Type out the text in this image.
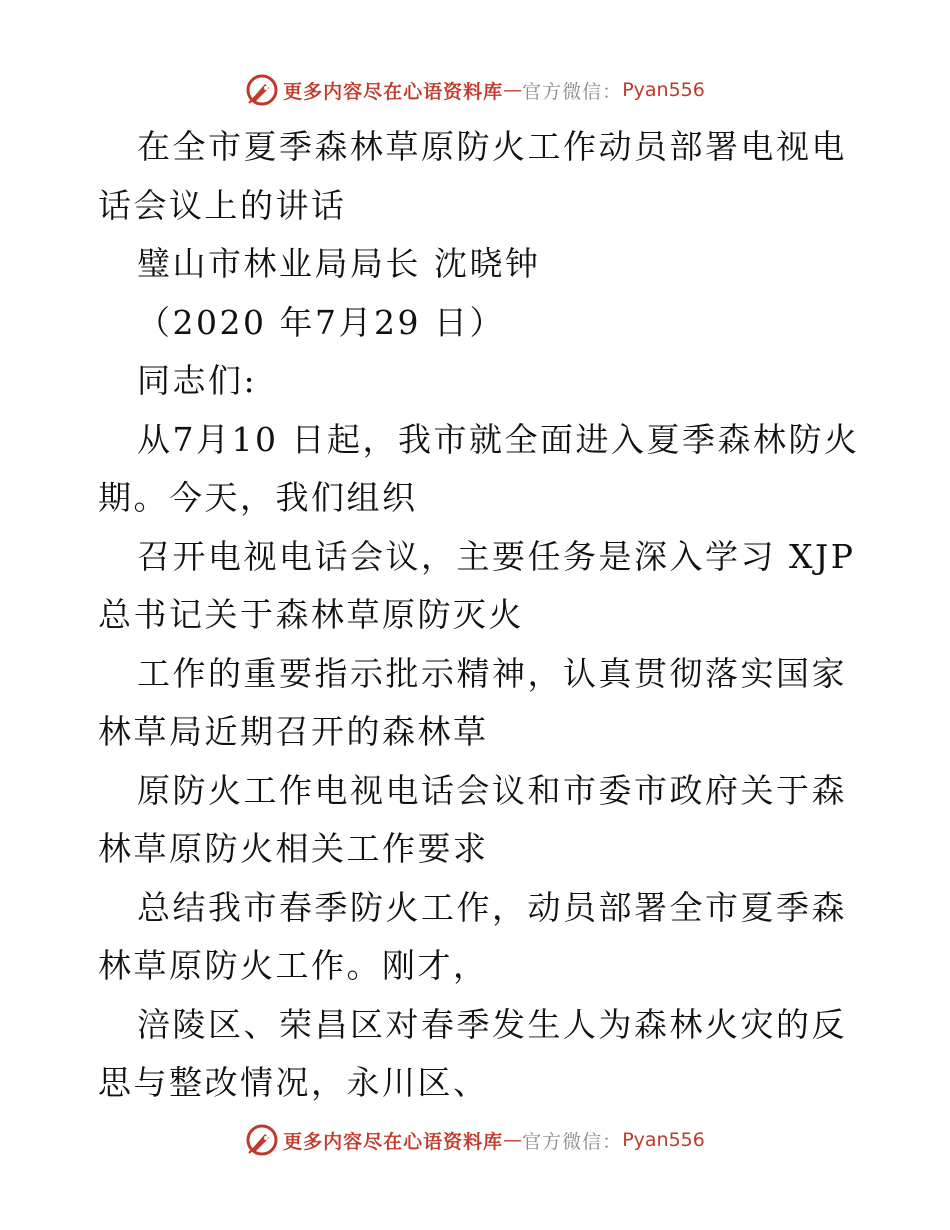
更多内容尽在心语资料库 — 官方微信： Pyan556

在全市夏季森林草原防火工作动员部署电视电话会议上的讲话

璧山市林业局局长 沈晓钟

（2020 年7月29 日）

同志们:

从7月10 日起，我市就全面进入夏季森林防火期。今天，我们组织

召开电视电话会议，主要任务是深入学习 XJP 总书记关于森林草原防灭火

工作的重要指示批示精神，认真贯彻落实国家林草局近期召开的森林草

原防火工作电视电话会议和市委市政府关于森林草原防火相关工作要求

总结我市春季防火工作，动员部署全市夏季森林草原防火工作。刚才，

涪陵区、荣昌区对春季发生人为森林火灾的反思与整改情况，永川区、

更多内容尽在心语资料库 — 官方微信： Pyan556
